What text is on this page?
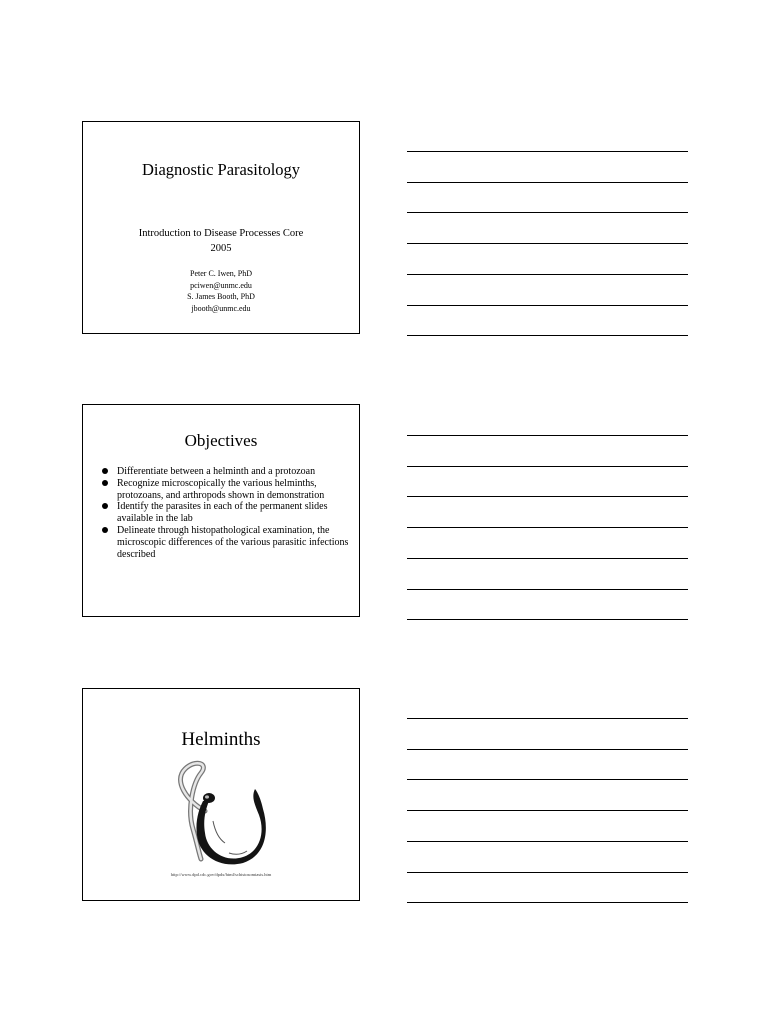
Diagnostic Parasitology
Introduction to Disease Processes Core
2005
Peter C. Iwen, PhD
pciwen@unmc.edu
S. James Booth, PhD
jbooth@unmc.edu
Objectives
Differentiate between a helminth and a protozoan
Recognize microscopically the various helminths, protozoans, and arthropods shown in demonstration
Identify the parasites in each of the permanent slides available in the lab
Delineate through histopathological examination, the microscopic differences of the various parasitic infections described
Helminths
http://www.dpd.cdc.gov/dpdx/html/schistosomiasis.htm
